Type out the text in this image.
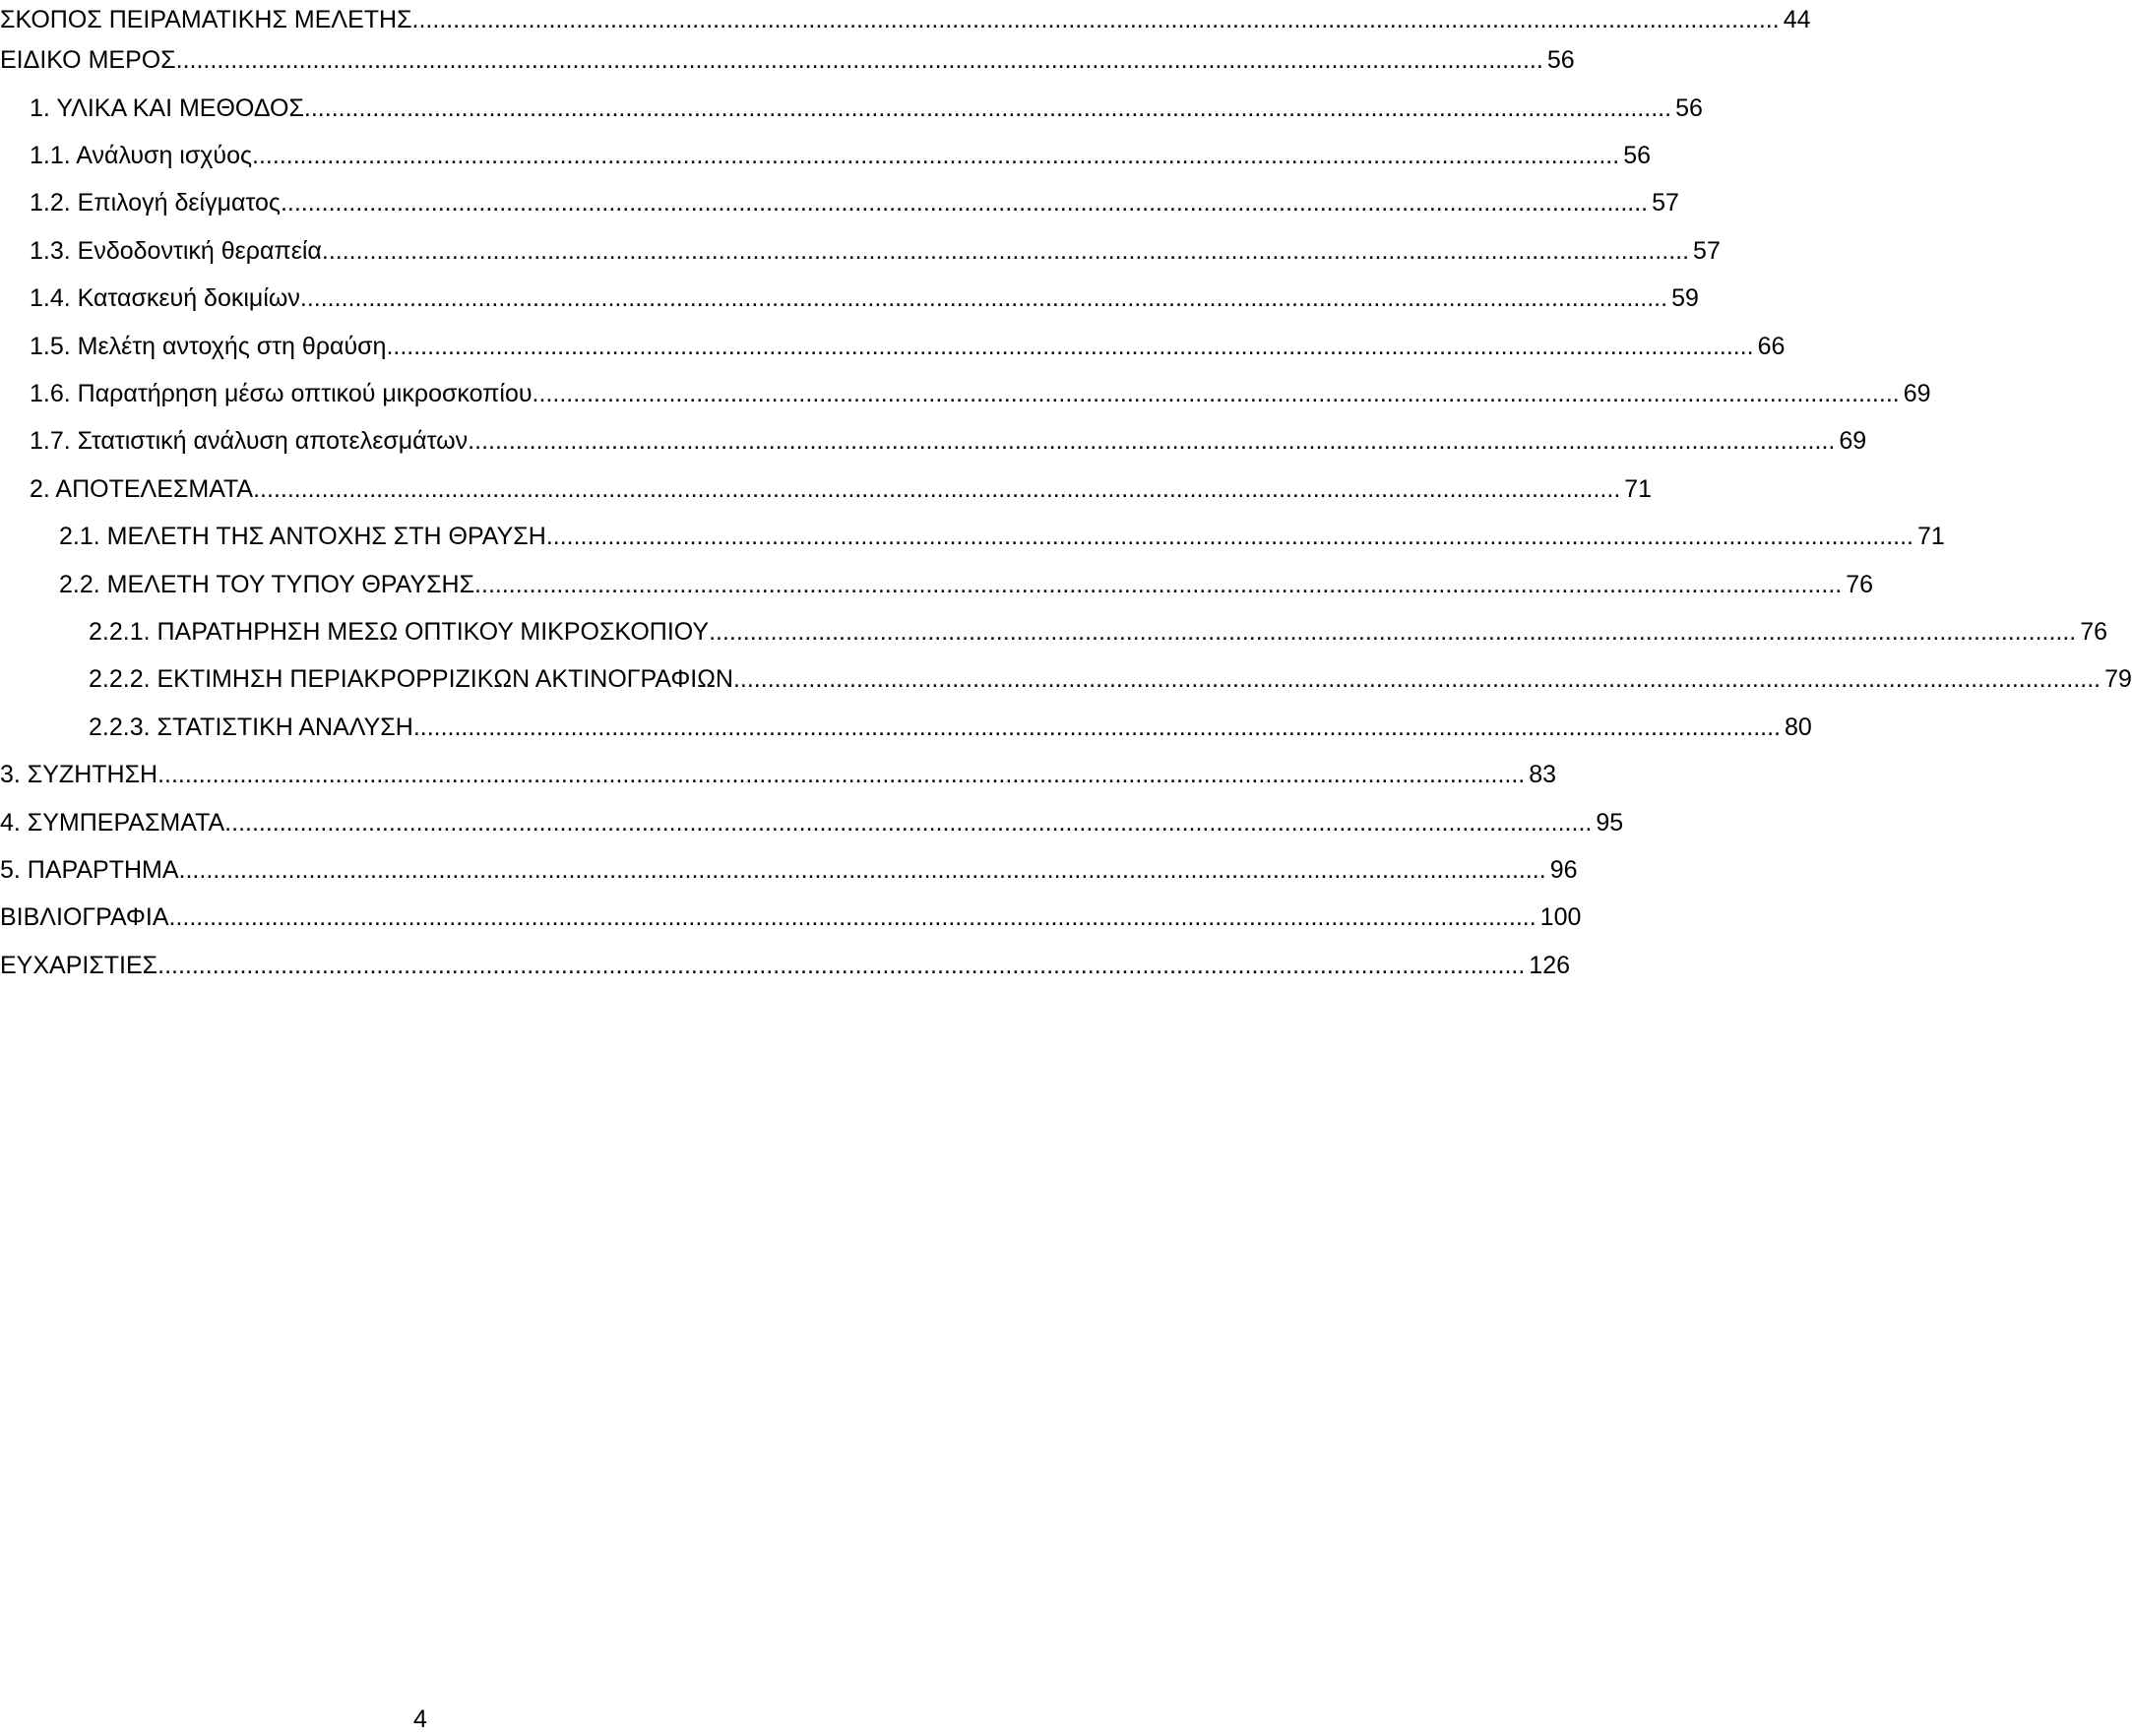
ΣΚΟΠΟΣ ΠΕΙΡΑΜΑΤΙΚΗΣ ΜΕΛΕΤΗΣ ........................................................................................................................................................................................................ 44
ΕΙΔΙΚΟ ΜΕΡΟΣ ........................................................................................................................................................................................................ 56
1. ΥΛΙΚΑ ΚΑΙ ΜΕΘΟΔΟΣ ........................................................................................................................................................................................................ 56
1.1. Ανάλυση ισχύος ........................................................................................................................................................................................................ 56
1.2. Επιλογή δείγματος ........................................................................................................................................................................................................ 57
1.3. Ενδοδοντική θεραπεία ........................................................................................................................................................................................................ 57
1.4. Κατασκευή δοκιμίων ........................................................................................................................................................................................................ 59
1.5. Μελέτη αντοχής στη θραύση ........................................................................................................................................................................................................ 66
1.6. Παρατήρηση μέσω οπτικού μικροσκοπίου ........................................................................................................................................................................................................ 69
1.7. Στατιστική ανάλυση αποτελεσμάτων ........................................................................................................................................................................................................ 69
2. ΑΠΟΤΕΛΕΣΜΑΤΑ ........................................................................................................................................................................................................ 71
2.1. ΜΕΛΕΤΗ ΤΗΣ ΑΝΤΟΧΗΣ ΣΤΗ ΘΡΑΥΣΗ ........................................................................................................................................................................................................ 71
2.2. ΜΕΛΕΤΗ ΤΟΥ ΤΥΠΟΥ ΘΡΑΥΣΗΣ ........................................................................................................................................................................................................ 76
2.2.1. ΠΑΡΑΤΗΡΗΣΗ ΜΕΣΩ ΟΠΤΙΚΟΥ ΜΙΚΡΟΣΚΟΠΙΟΥ ........................................................................................................................................................................................................ 76
2.2.2. ΕΚΤΙΜΗΣΗ ΠΕΡΙΑΚΡΟΡΡΙΖΙΚΩΝ ΑΚΤΙΝΟΓΡΑΦΙΩΝ ........................................................................................................................................................................................................ 79
2.2.3. ΣΤΑΤΙΣΤΙΚΗ ΑΝΑΛΥΣΗ ........................................................................................................................................................................................................ 80
3. ΣΥΖΗΤΗΣΗ ........................................................................................................................................................................................................ 83
4. ΣΥΜΠΕΡΑΣΜΑΤΑ ........................................................................................................................................................................................................ 95
5. ΠΑΡΑΡΤΗΜΑ ........................................................................................................................................................................................................ 96
ΒΙΒΛΙΟΓΡΑΦΙΑ ........................................................................................................................................................................................................ 100
ΕΥΧΑΡΙΣΤΙΕΣ ........................................................................................................................................................................................................ 126
4
